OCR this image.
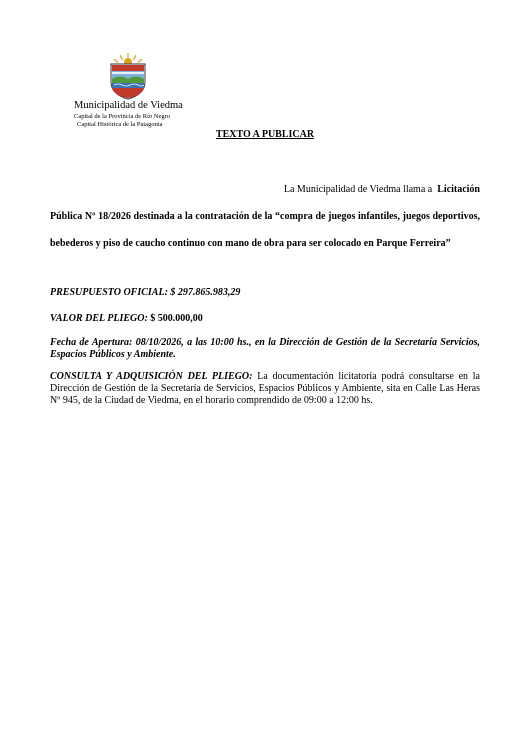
Municipalidad de Viedma
Capital de la Provincia de Río Negro
Capital Histórica de la Patagonia
TEXTO A PUBLICAR
La Municipalidad de Viedma llama a Licitación
Pública Nº 18/2026 destinada a la contratación de la “compra de juegos infantiles, juegos deportivos, bebederos y piso de caucho continuo con mano de obra para ser colocado en Parque Ferreira”
PRESUPUESTO OFICIAL: $ 297.865.983,29
VALOR DEL PLIEGO: $ 500.000,00
Fecha de Apertura: 08/10/2026, a las 10:00 hs., en la Dirección de Gestión de la Secretaría Servicios, Espacios Públicos y Ambiente.
CONSULTA Y ADQUISICIÓN DEL PLIEGO: La documentación licitatoria podrá consultarse en la Dirección de Gestión de la Secretaría de Servicios, Espacios Públicos y Ambiente, sita en Calle Las Heras Nº 945, de la Ciudad de Viedma, en el horario comprendido de 09:00 a 12:00 hs.
